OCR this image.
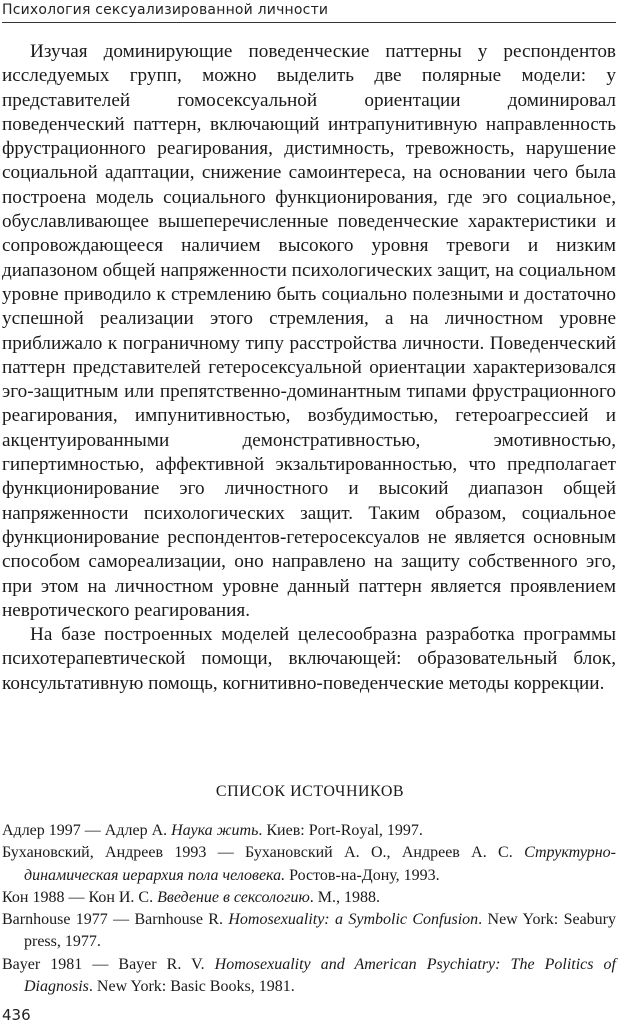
Психология сексуализированной личности

Изучая доминирующие поведенческие паттерны у респондентов исследуемых групп, можно выделить две полярные модели: у представителей гомосексуальной ориентации доминировал поведенческий паттерн, включающий интрапунитивную направленность фрустрационного реагирования, дистимность, тревожность, нарушение социальной адаптации, снижение самоинтереса, на основании чего была построена модель социального функционирования, где эго социальное, обуславливающее вышеперечисленные поведенческие характеристики и сопровождающееся наличием высокого уровня тревоги и низким диапазоном общей напряженности психологических защит, на социальном уровне приводило к стремлению быть социально полезными и достаточно успешной реализации этого стремления, а на личностном уровне приближало к пограничному типу расстройства личности. Поведенческий паттерн представителей гетеросексуальной ориентации характеризовался эго-защитным или препятственно-доминантным типами фрустрационного реагирования, импунитивностью, возбудимостью, гетероагрессией и акцентуированными демонстративностью, эмотивностью, гипертимностью, аффективной экзальтированностью, что предполагает функционирование эго личностного и высокий диапазон общей напряженности психологических защит. Таким образом, социальное функционирование респондентов-гетеросексуалов не является основным способом самореализации, оно направлено на защиту собственного эго, при этом на личностном уровне данный паттерн является проявлением невротического реагирования.

На базе построенных моделей целесообразна разработка программы психотерапевтической помощи, включающей: образовательный блок, консультативную помощь, когнитивно-поведенческие методы коррекции.

СПИСОК ИСТОЧНИКОВ
Адлер 1997 — Адлер А. Наука жить. Киев: Port-Royal, 1997.
Бухановский, Андреев 1993 — Бухановский А. О., Андреев А. С. Структурно-динамическая иерархия пола человека. Ростов-на-Дону, 1993.
Кон 1988 — Кон И. С. Введение в сексологию. М., 1988.
Barnhouse 1977 — Barnhouse R. Homosexuality: a Symbolic Confusion. New York: Seabury press, 1977.
Bayer 1981 — Bayer R. V. Homosexuality and American Psychiatry: The Politics of Diagnosis. New York: Basic Books, 1981.
436
